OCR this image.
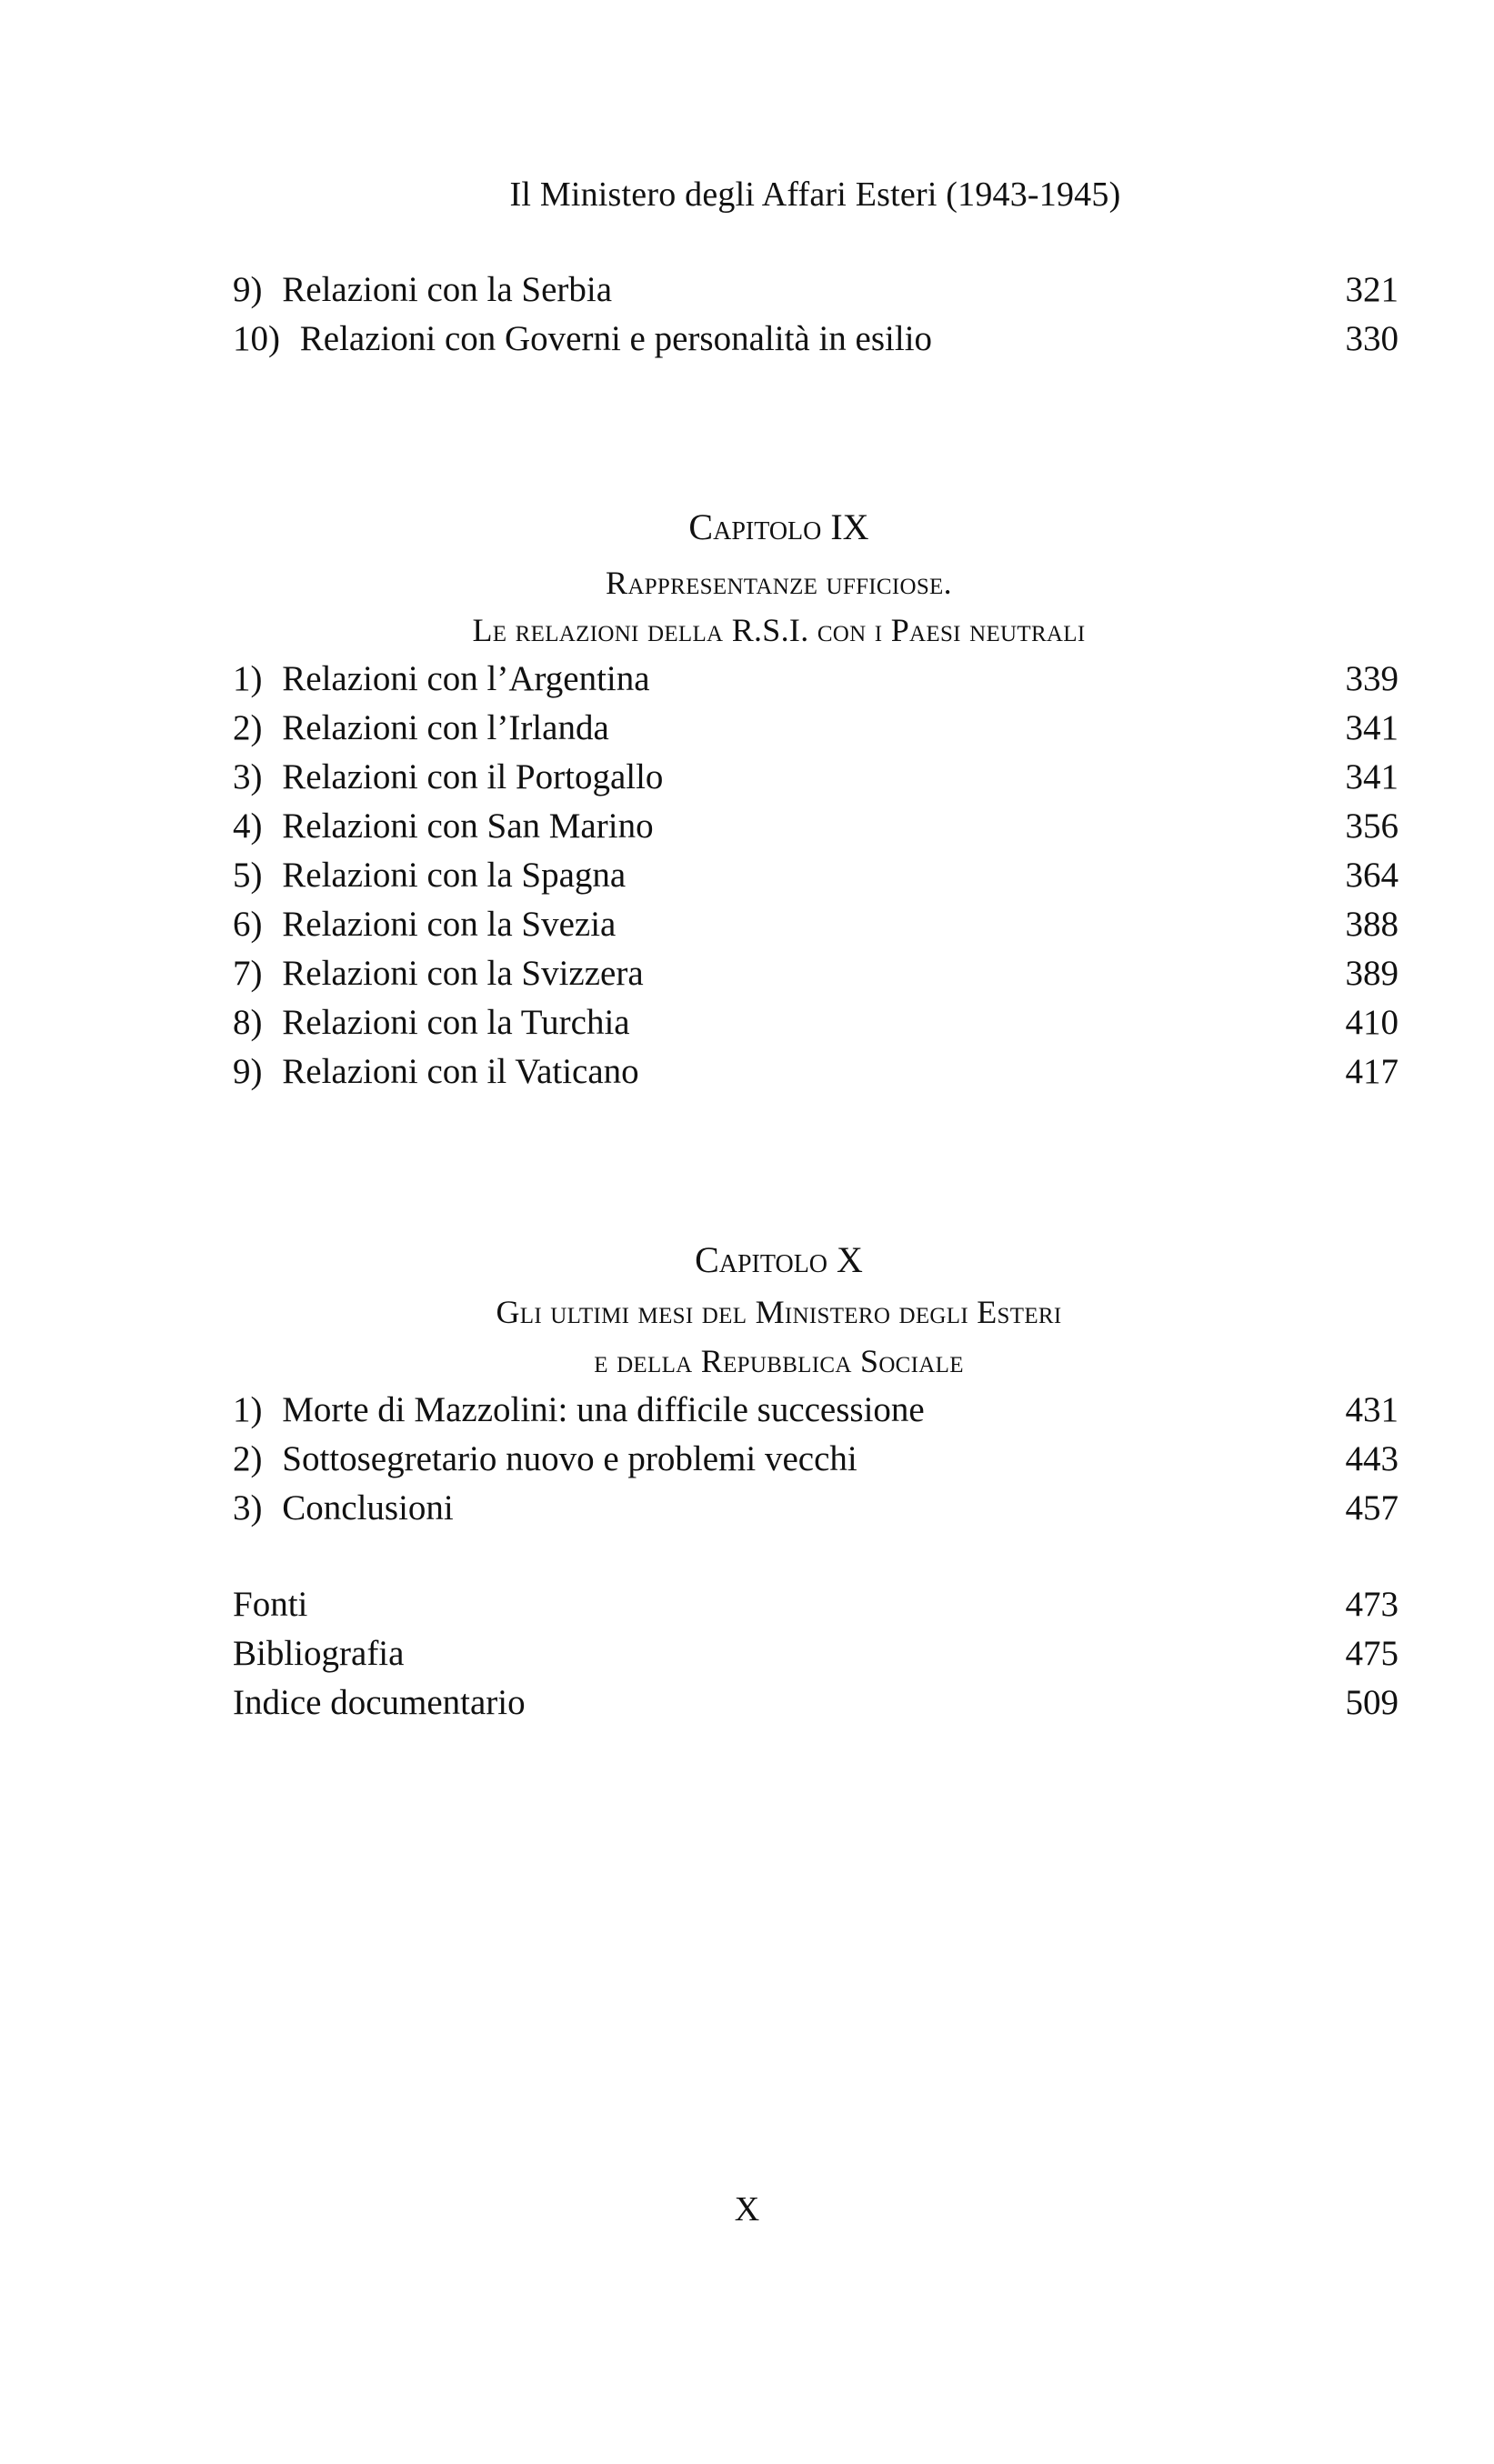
Il Ministero degli Affari Esteri (1943-1945)
9) Relazioni con la Serbia	321
10) Relazioni con Governi e personalità in esilio	330
Capitolo IX
Rappresentanze ufficiose.
Le relazioni della R.S.I. con i Paesi neutrali
1) Relazioni con l’Argentina	339
2) Relazioni con l’Irlanda	341
3) Relazioni con il Portogallo	341
4) Relazioni con San Marino	356
5) Relazioni con la Spagna	364
6) Relazioni con la Svezia	388
7) Relazioni con la Svizzera	389
8) Relazioni con la Turchia	410
9) Relazioni con il Vaticano	417
Capitolo X
Gli ultimi mesi del Ministero degli Esteri
e della Repubblica Sociale
1) Morte di Mazzolini: una difficile successione	431
2) Sottosegretario nuovo e problemi vecchi	443
3) Conclusioni	457
Fonti	473
Bibliografia	475
Indice documentario	509
X
